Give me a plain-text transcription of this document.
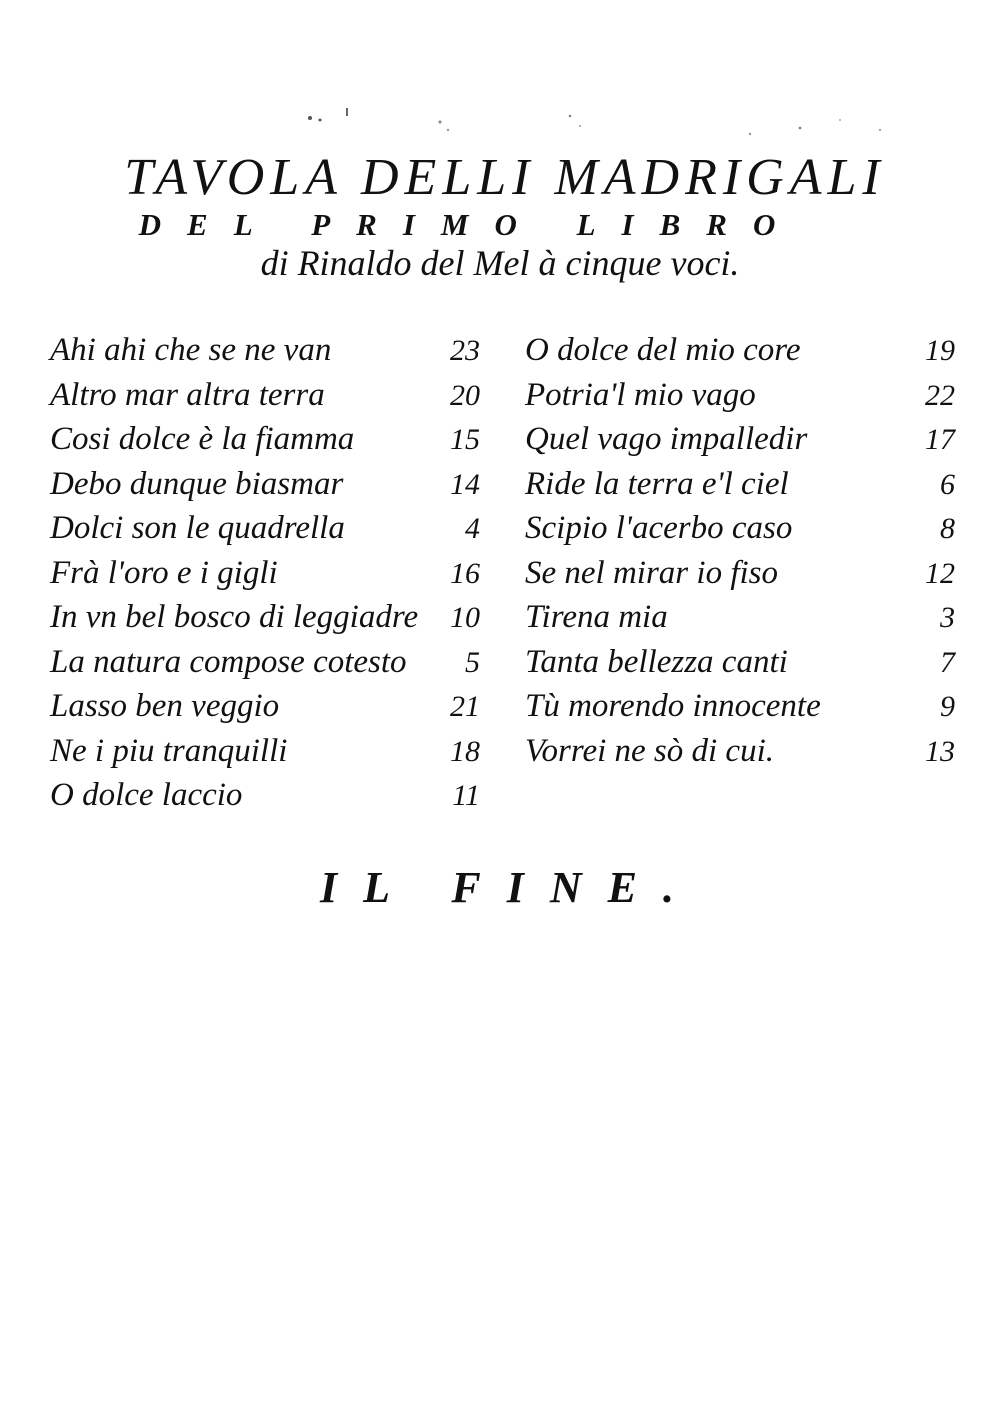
TAVOLA DELLI MADRIGALI
DEL PRIMO LIBRO
di Rinaldo del Mel à cinque voci.
Ahi ahi che se ne van	23
Altro mar altra terra	20
Cosi dolce è la fiamma	15
Debo dunque biasmar	14
Dolci son le quadrella	4
Frà l'oro e i gigli	16
In vn bel bosco di leggiadre 10
La natura compose cotesto 5
Lasso ben veggio	21
Ne i piu tranquilli	18
O dolce laccio	11
O dolce del mio core	19
Potria'l mio vago	22
Quel vago impalledir	17
Ride la terra e'l ciel	6
Scipio l'acerbo caso	8
Se nel mirar io fiso	12
Tirena mia	3
Tanta bellezza canti	7
Tù morendo innocente	9
Vorrei ne sò di cui.	13
IL FINE.
